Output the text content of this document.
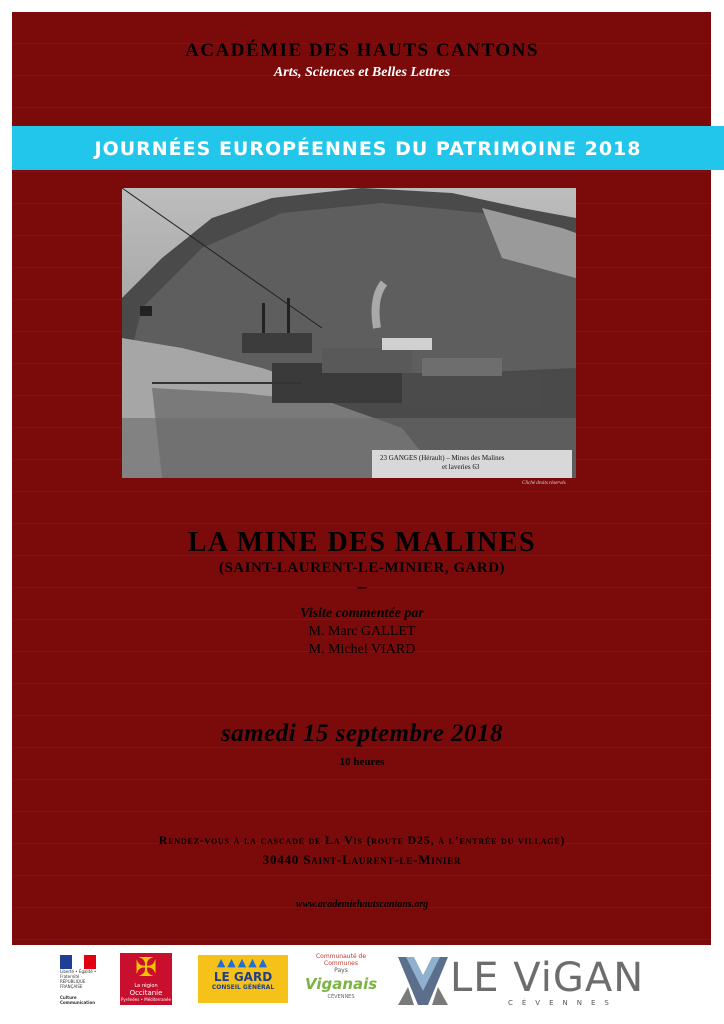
ACADÉMIE DES HAUTS CANTONS
Arts, Sciences et Belles Lettres
JOURNÉES EUROPÉENNES DU PATRIMOINE 2018
23 GANGES (Hérault) – Mines des Malines
et laveries 63
Cliché droits réservés
LA MINE DES MALINES
(SAINT-LAURENT-LE-MINIER, GARD)
–
Visite commentée par
M. Marc GALLET
M. Michel VIARD
samedi 15 septembre 2018
10 heures
Rendez-vous à la cascade de La Vis (route D25, à l’entrée du village)
30440 Saint-Laurent-le-Minier
www.academiehautscantons.org
Liberté • Égalité • Fraternité
RÉPUBLIQUE FRANÇAISE
Culture Communication
✠
La région
Occitanie
Pyrénées • Méditerranée
▲▲▲▲▲
LE GARD
CONSEIL GÉNÉRAL
Communauté de Communes
Pays
Viganais
CÉVENNES	LE ViGAN
CÉVENNES
